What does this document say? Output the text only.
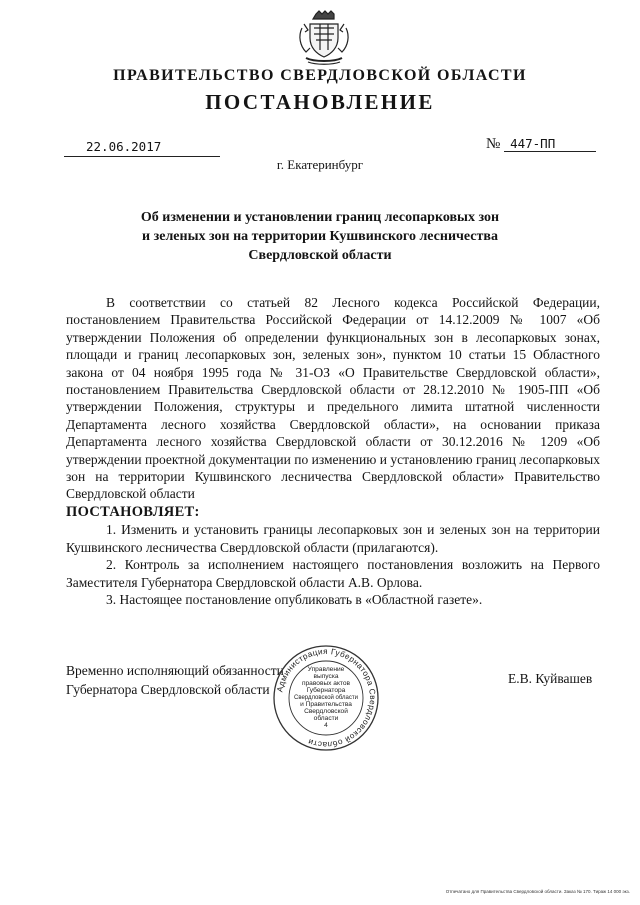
ПРАВИТЕЛЬСТВО СВЕРДЛОВСКОЙ ОБЛАСТИ
ПОСТАНОВЛЕНИЕ
22.06.2017	№ 447-ПП
г. Екатеринбург

Об изменении и установлении границ лесопарковых зон
и зеленых зон на территории Кушвинского лесничества
Свердловской области

В соответствии со статьей 82 Лесного кодекса Российской Федерации, постановлением Правительства Российской Федерации от 14.12.2009 № 1007 «Об утверждении Положения об определении функциональных зон в лесопарковых зонах, площади и границ лесопарковых зон, зеленых зон», пунктом 10 статьи 15 Областного закона от 04 ноября 1995 года № 31-ОЗ «О Правительстве Свердловской области», постановлением Правительства Свердловской области от 28.12.2010 № 1905-ПП «Об утверждении Положения, структуры и предельного лимита штатной численности Департамента лесного хозяйства Свердловской области», на основании приказа Департамента лесного хозяйства Свердловской области от 30.12.2016 № 1209 «Об утверждении проектной документации по изменению и установлению границ лесопарковых зон на территории Кушвинского лесничества Свердловской области» Правительство Свердловской области

ПОСТАНОВЛЯЕТ:

1. Изменить и установить границы лесопарковых зон и зеленых зон на территории Кушвинского лесничества Свердловской области (прилагаются).

2. Контроль за исполнением настоящего постановления возложить на Первого Заместителя Губернатора Свердловской области А.В. Орлова.

3. Настоящее постановление опубликовать в «Областной газете».

Временно исполняющий обязанности
Губернатора Свердловской области
Е.В. Куйвашев
Администрация Губернатора Свердловской области
Управление
выпуска
правовых актов
Губернатора
Свердловской области
и Правительства
Свердловской
области
4
Отпечатано для Правительства Свердловской области. Заказ № 170. Тираж 14 000 экз.
